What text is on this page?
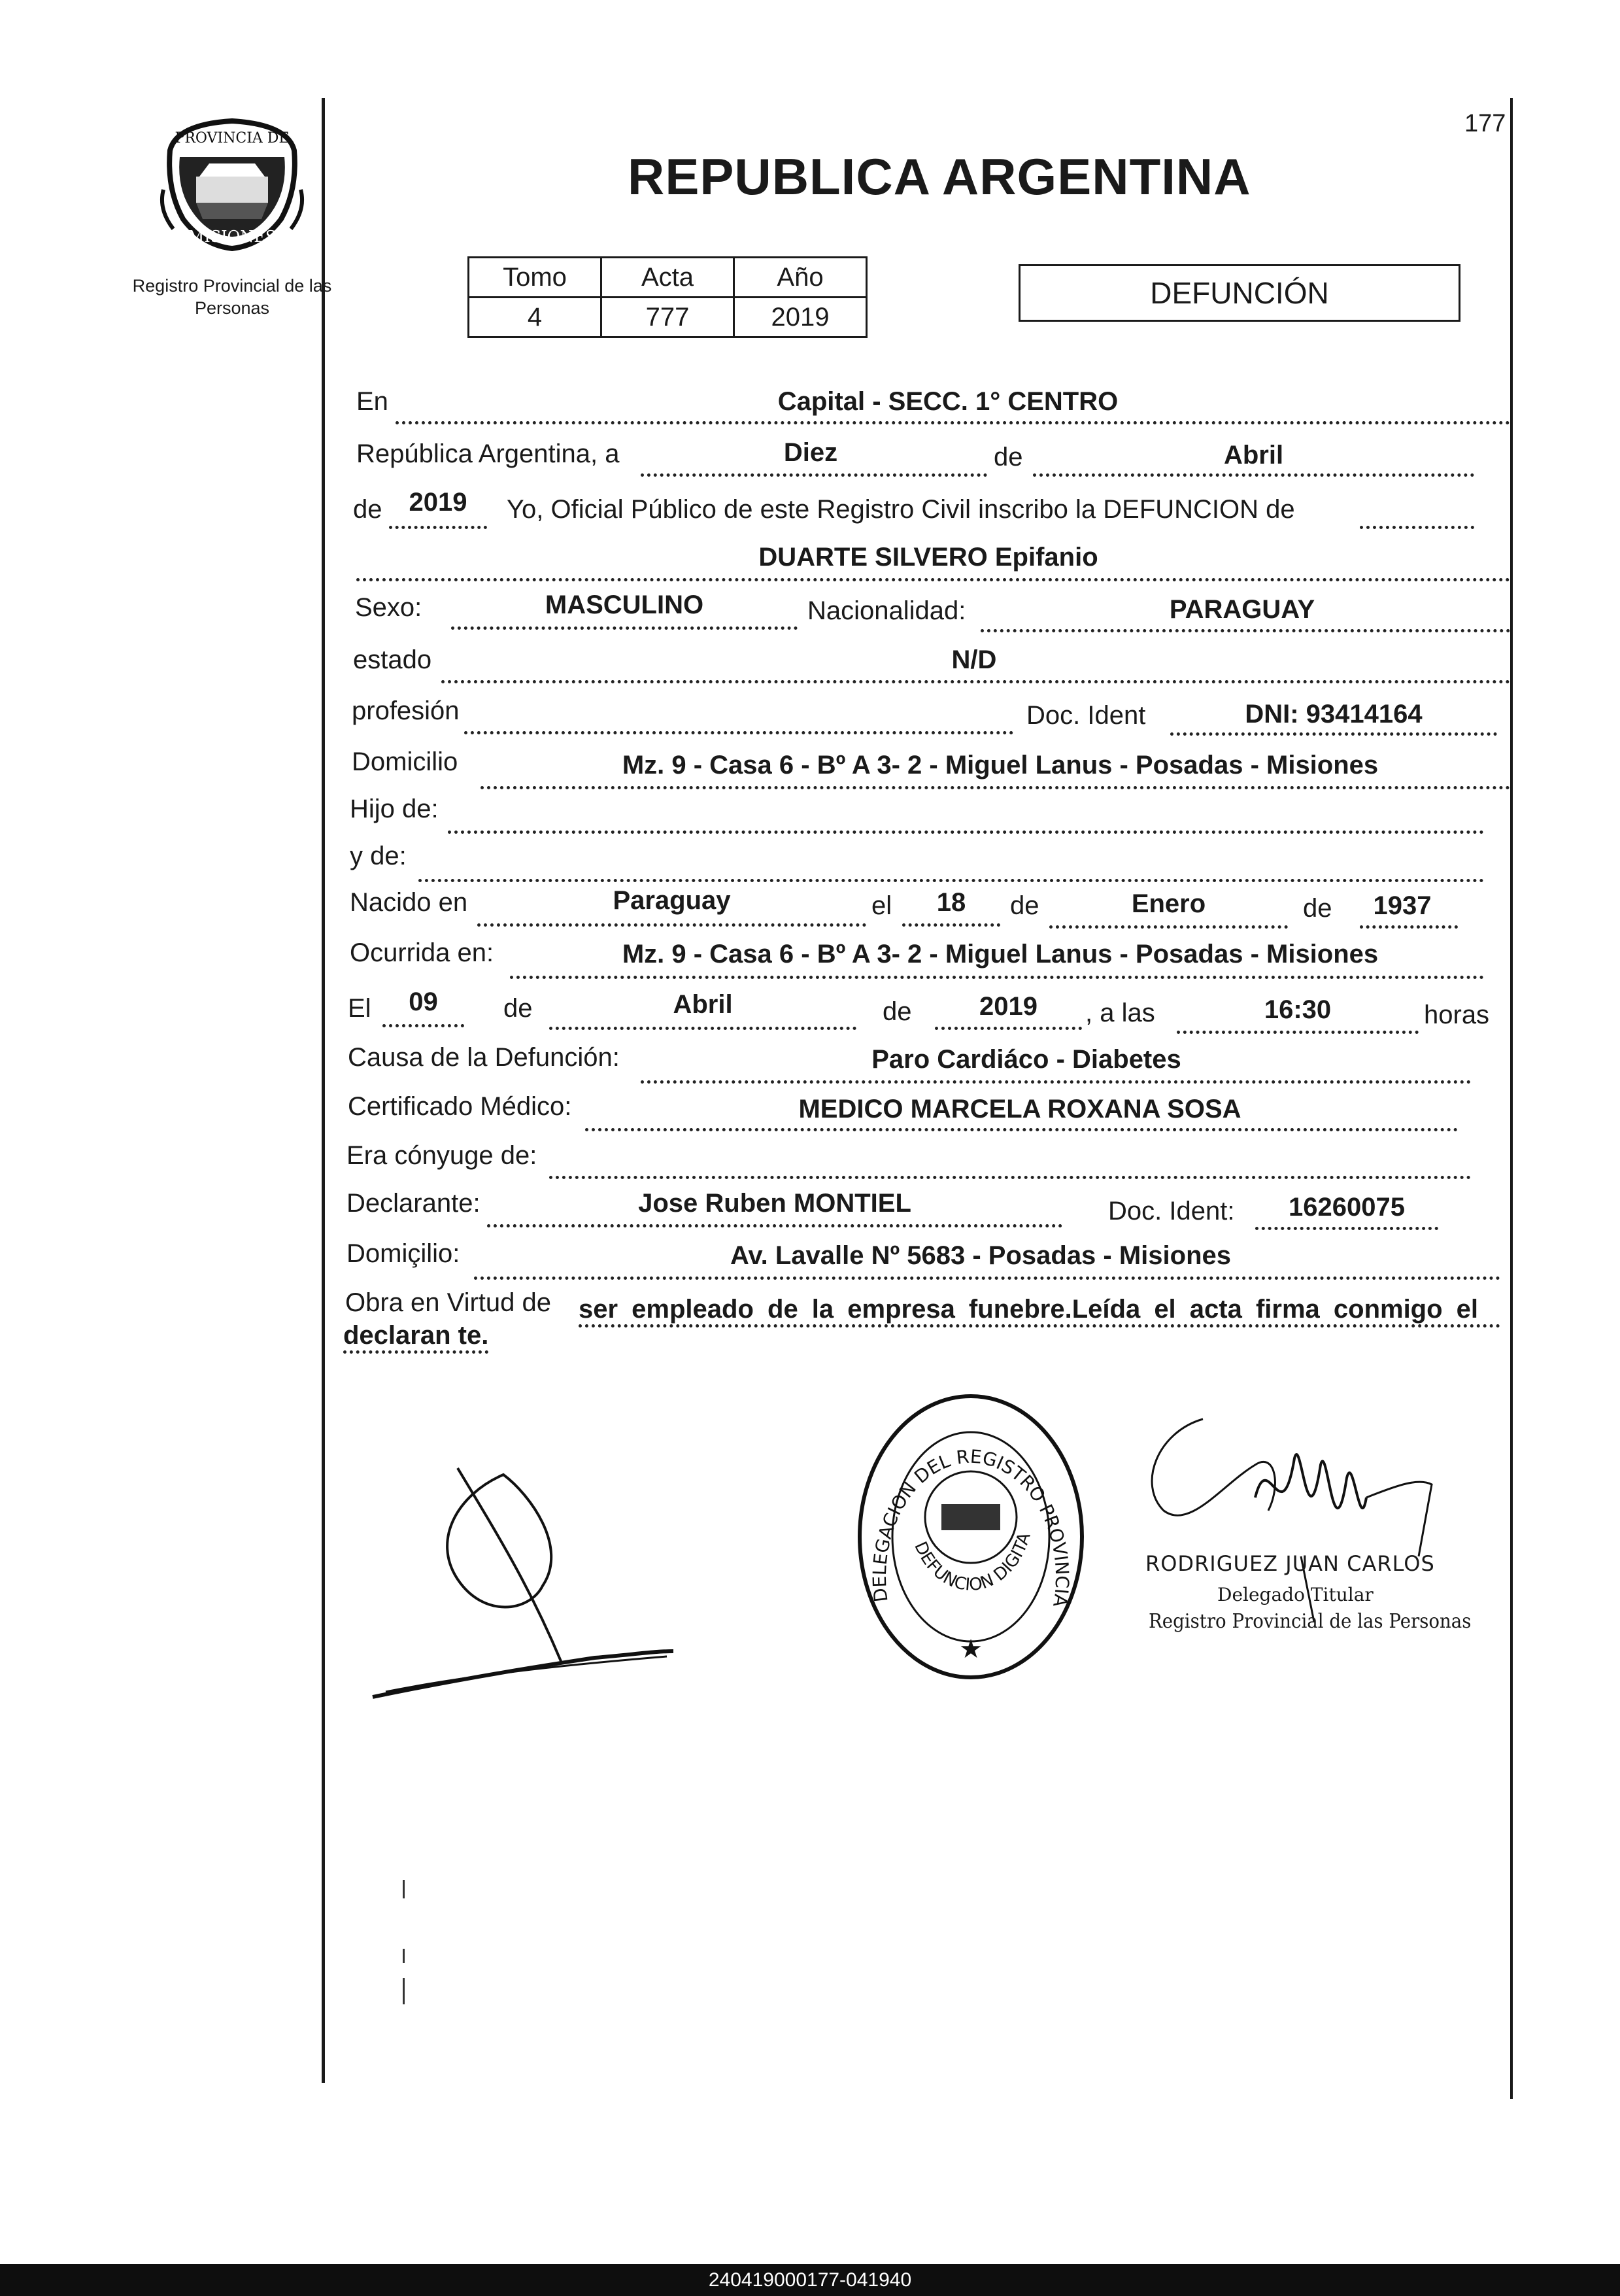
177
PROVINCIA DE
MISIONES
Registro Provincial de las Personas
REPUBLICA ARGENTINA
Tomo	Acta	Año
4	777	2019
DEFUNCIÓN
En	Capital - SECC. 1° CENTRO
República Argentina, a	Diez	de	Abril
de	2019	Yo, Oficial Público de este Registro Civil inscribo la DEFUNCION de
DUARTE SILVERO Epifanio
Sexo:	MASCULINO	Nacionalidad:	PARAGUAY
estado	N/D
profesión	Doc. Ident	DNI: 93414164
Domicilio	Mz. 9 - Casa 6 - Bº A 3- 2 - Miguel Lanus - Posadas - Misiones
Hijo de:
y de:
Nacido en	Paraguay	el	18	de	Enero	de	1937
Ocurrida en:	Mz. 9 - Casa 6 - Bº A 3- 2 - Miguel Lanus - Posadas - Misiones
El	09	de	Abril	de	2019	, a las	16:30	horas
Causa de la Defunción:	Paro Cardiáco - Diabetes
Certificado Médico:	MEDICO MARCELA ROXANA SOSA
Era cónyuge de:
Declarante:	Jose Ruben MONTIEL	Doc. Ident:	16260075
Domiçilio:	Av. Lavalle Nº 5683 - Posadas - Misiones
Obra en Virtud de ser empleado de la empresa funebre.Leída el acta firma conmigo el
declaran te.
DELEGACION DEL REGISTRO PROVINCIA
DEFUNCION DIGITA
★
RODRIGUEZ JUAN CARLOS
Delegado Titular
Registro Provincial de las Personas
240419000177-041940
